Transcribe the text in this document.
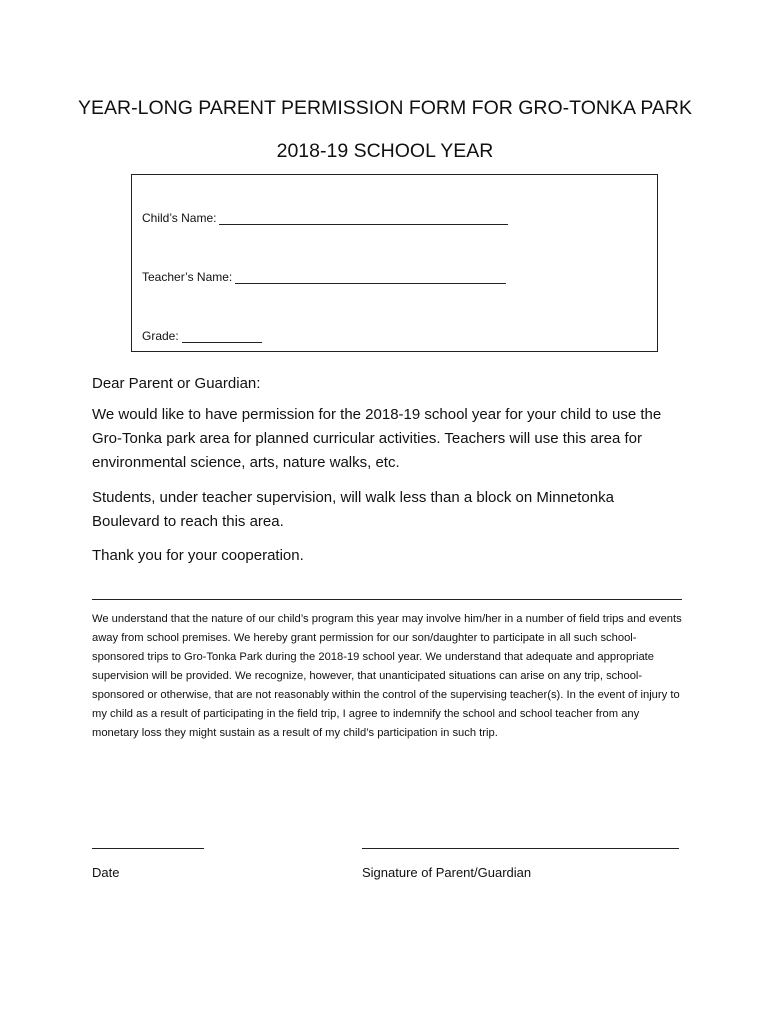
YEAR-LONG PARENT PERMISSION FORM FOR GRO-TONKA PARK
2018-19 SCHOOL YEAR
Child’s Name:
Teacher’s Name:
Grade:

Dear Parent or Guardian:

We would like to have permission for the 2018-19 school year for your child to use the Gro-Tonka park area for planned curricular activities. Teachers will use this area for environmental science, arts, nature walks, etc.

Students, under teacher supervision, will walk less than a block on Minnetonka Boulevard to reach this area.

Thank you for your cooperation.

We understand that the nature of our child’s program this year may involve him/her in a number of field trips and events away from school premises. We hereby grant permission for our son/daughter to participate in all such school-sponsored trips to Gro-Tonka Park during the 2018-19 school year. We understand that adequate and appropriate supervision will be provided. We recognize, however, that unanticipated situations can arise on any trip, school-sponsored or otherwise, that are not reasonably within the control of the supervising teacher(s). In the event of injury to my child as a result of participating in the field trip, I agree to indemnify the school and school teacher from any monetary loss they might sustain as a result of my child’s participation in such trip.

Date	Signature of Parent/Guardian
